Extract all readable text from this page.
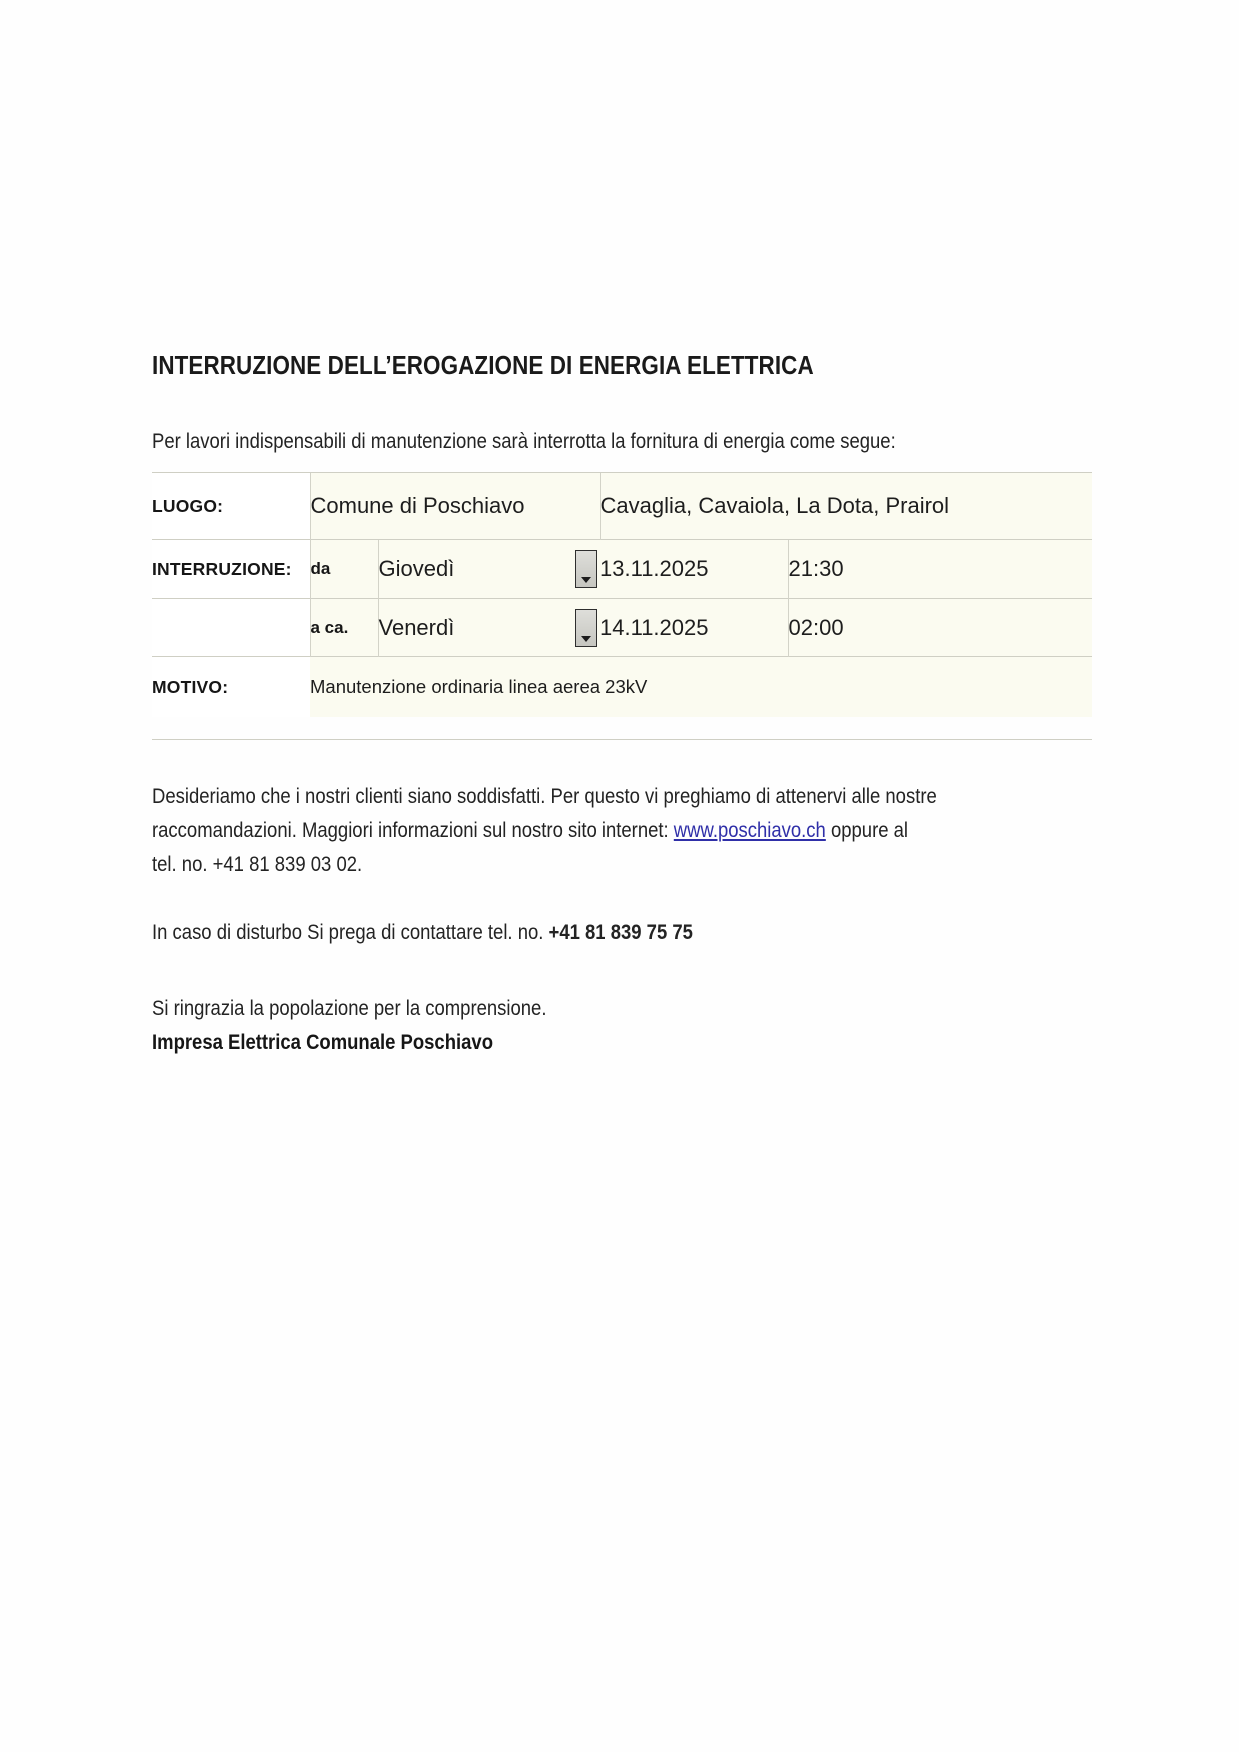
INTERRUZIONE DELL’EROGAZIONE DI ENERGIA ELETTRICA

Per lavori indispensabili di manutenzione sarà interrotta la fornitura di energia come segue:

LUOGO:	Comune di Poschiavo		Cavaglia, Cavaiola, La Dota, Prairol	
INTERRUZIONE:	da	Giovedì	13.11.2025	21:30
	a ca.	Venerdì	14.11.2025	02:00
MOTIVO:	Manutenzione ordinaria linea aerea 23kV			
Desideriamo che i nostri clienti siano soddisfatti. Per questo vi preghiamo di attenervi alle nostre
raccomandazioni. Maggiori informazioni sul nostro sito internet: www.poschiavo.ch oppure al
tel. no. +41 81 839 03 02.
In caso di disturbo Si prega di contattare tel. no. +41 81 839 75 75
Si ringrazia la popolazione per la comprensione.
Impresa Elettrica Comunale Poschiavo
